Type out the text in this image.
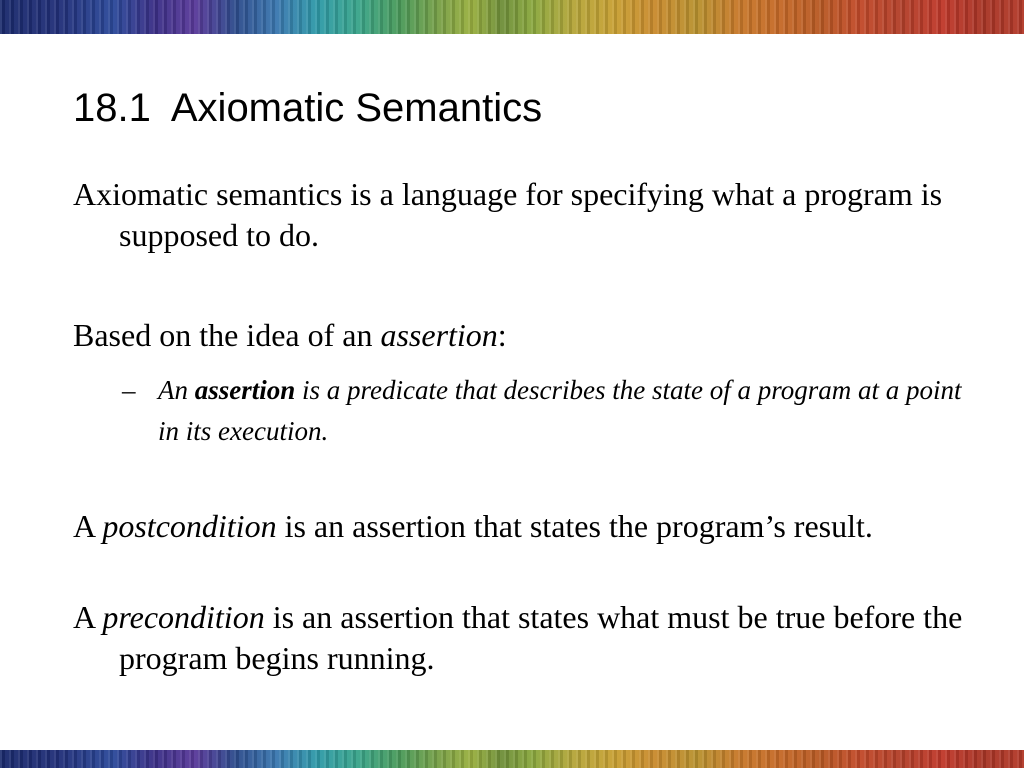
18.1  Axiomatic Semantics

Axiomatic semantics is a language for specifying what a program is supposed to do.

Based on the idea of an assertion:

– An assertion is a predicate that describes the state of a program at a point in its execution.

A postcondition is an assertion that states the program’s result.

A precondition is an assertion that states what must be true before the program begins running.
